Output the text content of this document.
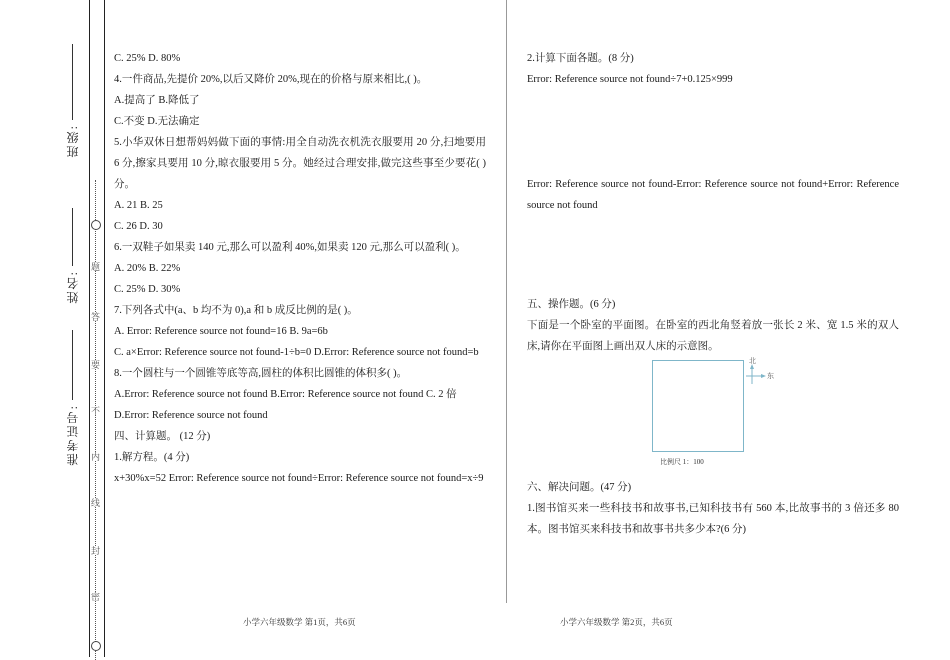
班级:
姓名:
准考证号:
题
答
要
不
内
线
封
密
C. 25% D. 80%
4.一件商品,先提价 20%,以后又降价 20%,现在的价格与原来相比,( )。
A.提高了 B.降低了
C.不变 D.无法确定
5.小华双休日想帮妈妈做下面的事情:用全自动洗衣机洗衣服要用 20 分,扫地要用 6 分,擦家具要用 10 分,晾衣服要用 5 分。她经过合理安排,做完这些事至少要花( )分。
A. 21 B. 25
C. 26 D. 30
6.一双鞋子如果卖 140 元,那么可以盈利 40%,如果卖 120 元,那么可以盈利( )。
A. 20% B. 22%
C. 25% D. 30%
7.下列各式中(a、b 均不为 0),a 和 b 成反比例的是( )。
A. Error: Reference source not found=16 B. 9a=6b
C. a×Error: Reference source not found-1÷b=0 D.Error: Reference source not found=b
8.一个圆柱与一个圆锥等底等高,圆柱的体积比圆锥的体积多( )。
A.Error: Reference source not found B.Error: Reference source not found C. 2 倍
D.Error: Reference source not found
四、计算题。 (12 分)
1.解方程。(4 分)
x+30%x=52 Error: Reference source not found÷Error: Reference source not found=x÷9
2.计算下面各题。(8 分)
Error: Reference source not found÷7+0.125×999
Error: Reference source not found-Error: Reference source not found+Error: Reference source not found
五、操作题。(6 分)
下面是一个卧室的平面图。在卧室的西北角竖着放一张长 2 米、宽 1.5 米的双人床,请你在平面图上画出双人床的示意图。
六、解决问题。(47 分)
1.图书馆买来一些科技书和故事书,已知科技书有 560 本,比故事书的 3 倍还多 80 本。图书馆买来科技书和故事书共多少本?(6 分)
北
东
比例尺 1：100
小学六年级数学 第1页，共6页	小学六年级数学 第2页，共6页
